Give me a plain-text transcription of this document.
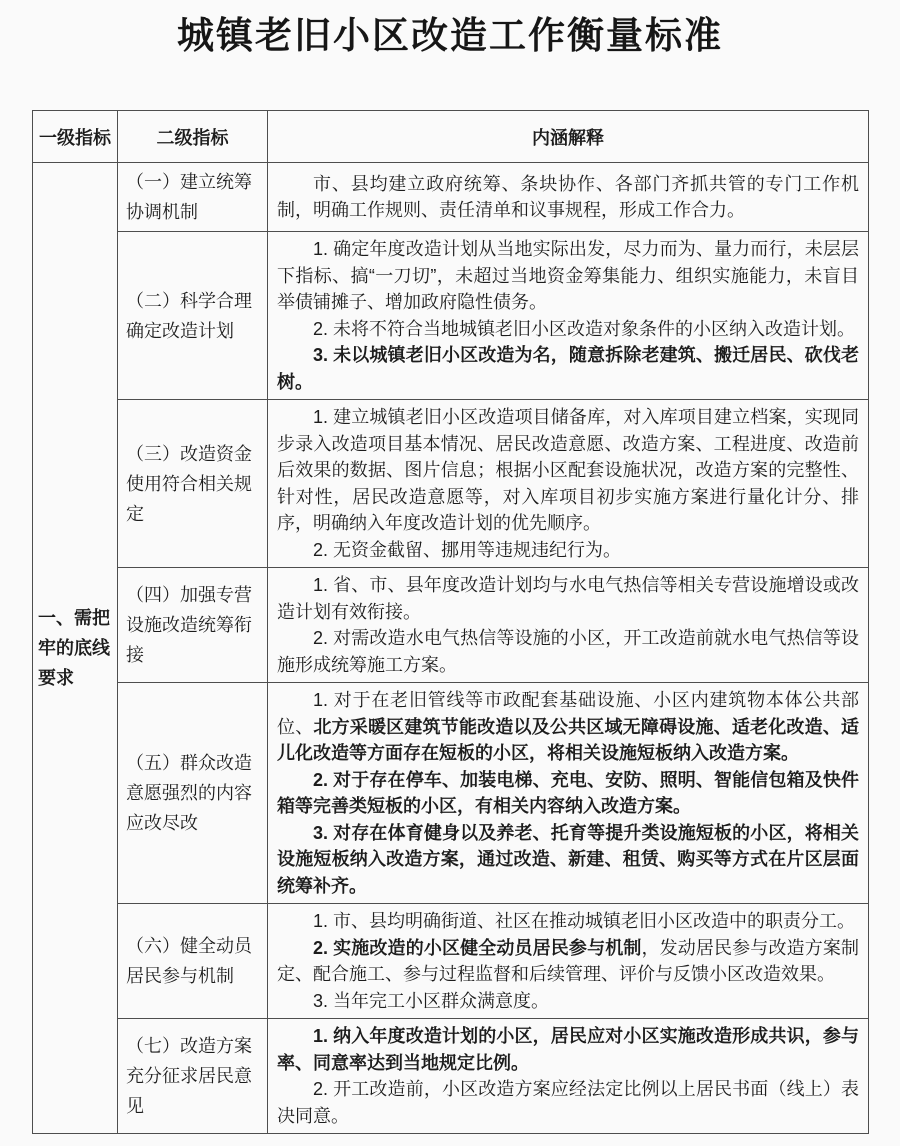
城镇老旧小区改造工作衡量标准
一级指标	二级指标	内涵解释
一、需把牢的底线要求	（一）建立统筹协调机制	市、县均建立政府统筹、条块协作、各部门齐抓共管的专门工作机制，明确工作规则、责任清单和议事规程，形成工作合力。

	（二）科学合理确定改造计划	1. 确定年度改造计划从当地实际出发，尽力而为、量力而行，未层层下指标、搞“一刀切”，未超过当地资金筹集能力、组织实施能力，未盲目举债铺摊子、增加政府隐性债务。

2. 未将不符合当地城镇老旧小区改造对象条件的小区纳入改造计划。

3. 未以城镇老旧小区改造为名，随意拆除老建筑、搬迁居民、砍伐老树。

	（三）改造资金使用符合相关规定	1. 建立城镇老旧小区改造项目储备库，对入库项目建立档案，实现同步录入改造项目基本情况、居民改造意愿、改造方案、工程进度、改造前后效果的数据、图片信息；根据小区配套设施状况，改造方案的完整性、针对性，居民改造意愿等，对入库项目初步实施方案进行量化计分、排序，明确纳入年度改造计划的优先顺序。

2. 无资金截留、挪用等违规违纪行为。

	（四）加强专营设施改造统筹衔接	1. 省、市、县年度改造计划均与水电气热信等相关专营设施增设或改造计划有效衔接。

2. 对需改造水电气热信等设施的小区，开工改造前就水电气热信等设施形成统筹施工方案。

	（五）群众改造意愿强烈的内容应改尽改	1. 对于在老旧管线等市政配套基础设施、小区内建筑物本体公共部位、北方采暖区建筑节能改造以及公共区域无障碍设施、适老化改造、适儿化改造等方面存在短板的小区，将相关设施短板纳入改造方案。

2. 对于存在停车、加装电梯、充电、安防、照明、智能信包箱及快件箱等完善类短板的小区，有相关内容纳入改造方案。

3. 对存在体育健身以及养老、托育等提升类设施短板的小区，将相关设施短板纳入改造方案，通过改造、新建、租赁、购买等方式在片区层面统筹补齐。

	（六）健全动员居民参与机制	1. 市、县均明确街道、社区在推动城镇老旧小区改造中的职责分工。

2. 实施改造的小区健全动员居民参与机制，发动居民参与改造方案制定、配合施工、参与过程监督和后续管理、评价与反馈小区改造效果。

3. 当年完工小区群众满意度。

	（七）改造方案充分征求居民意见	1. 纳入年度改造计划的小区，居民应对小区实施改造形成共识，参与率、同意率达到当地规定比例。

2. 开工改造前，小区改造方案应经法定比例以上居民书面（线上）表决同意。
